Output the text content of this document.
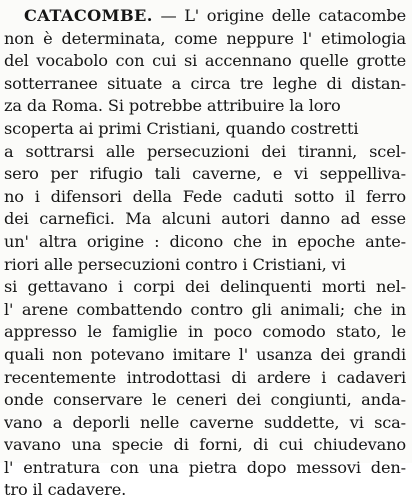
CATACOMBE. — L' origine delle catacombe
non è determinata, come neppure l' etimologia
del vocabolo con cui si accennano quelle grotte
sotterranee situate a circa tre leghe di distan-
za da Roma. Si potrebbe attribuire la loro
scoperta ai primi Cristiani, quando costretti
a sottrarsi alle persecuzioni dei tiranni, scel-
sero per rifugio tali caverne, e vi seppellivа-
no i difensori della Fede caduti sotto il ferro
dei carnefici. Ma alcuni autori danno ad esse
un' altra origine : dicono che in epoche ante-
riori alle persecuzioni contro i Cristiani, vi
si gettavano i corpi dei delinquenti morti nel-
l' arene combattendo contro gli animali; che in
appresso le famiglie in poco comodo stato, le
quali non potevano imitare l' usanza dei grandi
recentemente introdottasi di ardere i cadaveri
onde conservare le ceneri dei congiunti, anda-
vano a deporli nelle caverne suddette, vi sca-
vavano una specie di forni, di cui chiudevano
l' entratura con una pietra dopo messovi den-
tro il cadavere.
